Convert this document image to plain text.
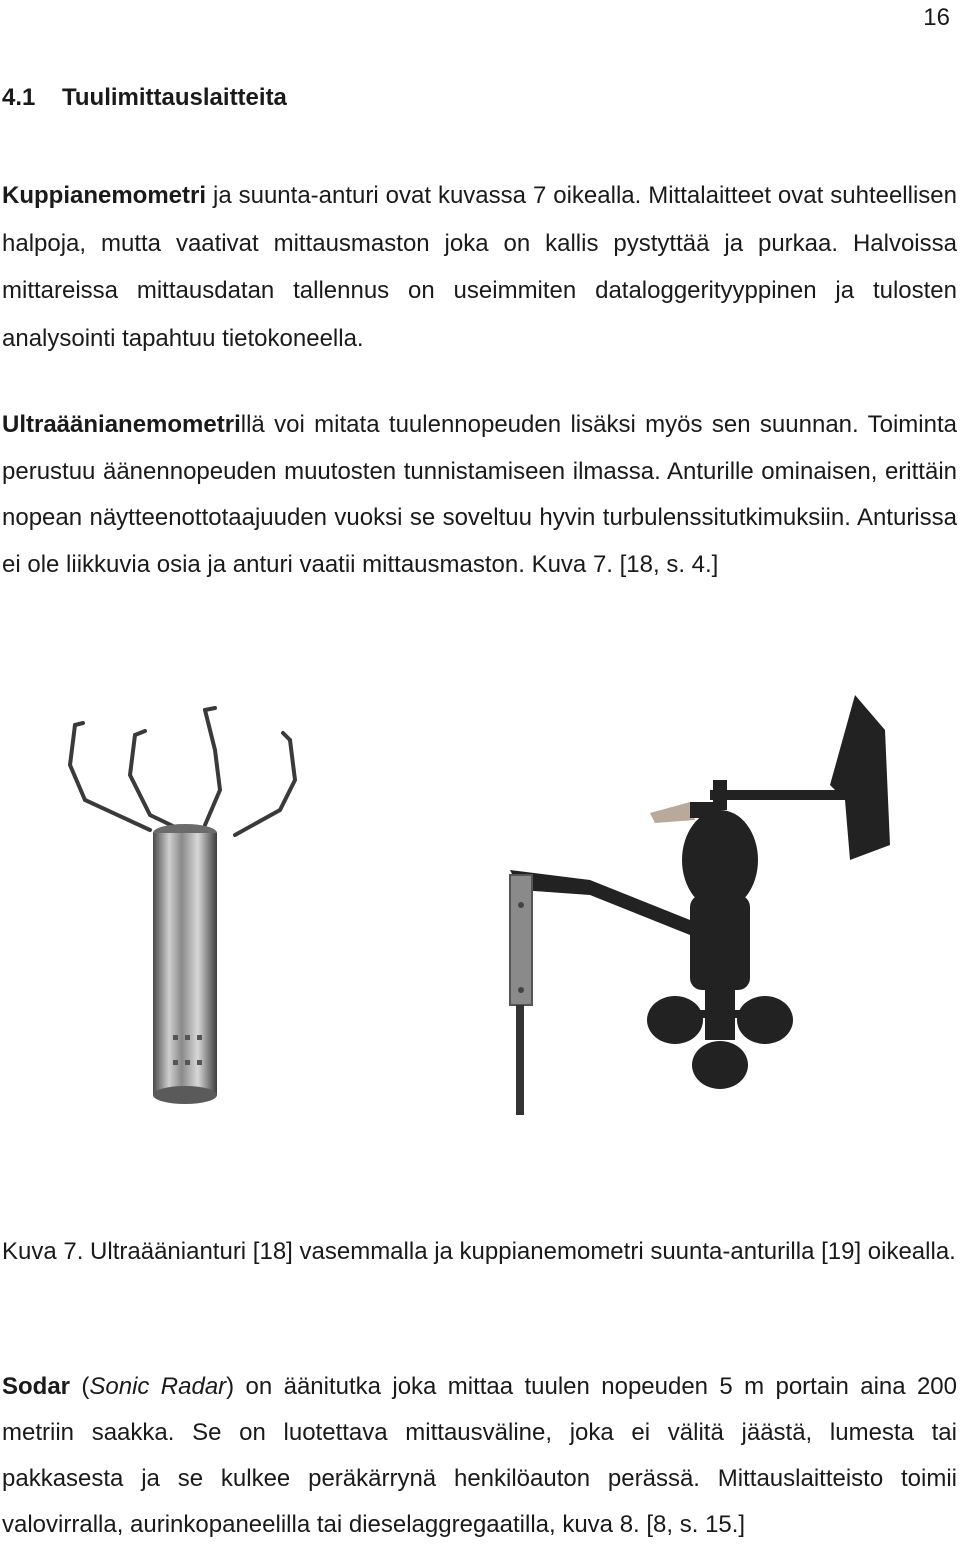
16
4.1 Tuulimittauslaitteita

Kuppianemometri ja suunta-anturi ovat kuvassa 7 oikealla. Mittalaitteet ovat suhteellisen halpoja, mutta vaativat mittausmaston joka on kallis pystyttää ja purkaa. Halvoissa mittareissa mittausdatan tallennus on useimmiten dataloggerityyppinen ja tulosten analysointi tapahtuu tietokoneella.

Ultraäänianemometrillä voi mitata tuulennopeuden lisäksi myös sen suunnan. Toiminta perustuu äänennopeuden muutosten tunnistamiseen ilmassa. Anturille ominaisen, erittäin nopean näytteenottotaajuuden vuoksi se soveltuu hyvin turbulenssitutkimuksiin. Anturissa ei ole liikkuvia osia ja anturi vaatii mittausmaston. Kuva 7. [18, s. 4.]

Kuva 7. Ultraäänianturi [18] vasemmalla ja kuppianemometri suunta-anturilla [19] oikealla.

Sodar (Sonic Radar) on äänitutka joka mittaa tuulen nopeuden 5 m portain aina 200 metriin saakka. Se on luotettava mittausväline, joka ei välitä jäästä, lumesta tai pakkasesta ja se kulkee peräkärrynä henkilöauton perässä. Mittauslaitteisto toimii valovirralla, aurinkopaneelilla tai dieselaggregaatilla, kuva 8. [8, s. 15.]
